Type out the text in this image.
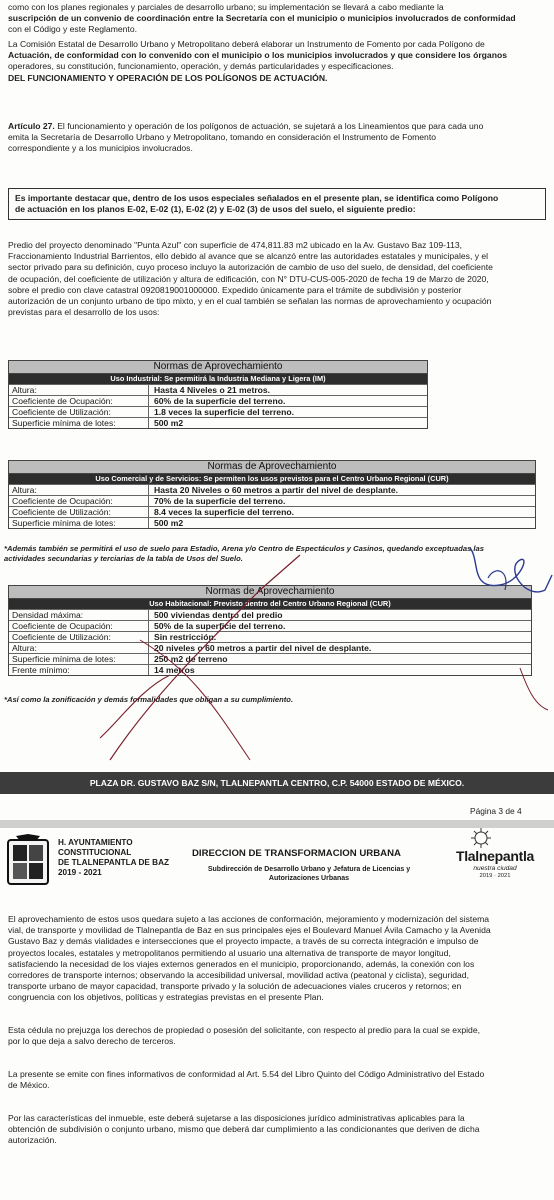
como con los planes regionales y parciales de desarrollo urbano; su implementación se llevará a cabo mediante la
suscripción de un convenio de coordinación entre la Secretaría con el municipio o municipios involucrados de conformidad
con el Código y este Reglamento.
La Comisión Estatal de Desarrollo Urbano y Metropolitano deberá elaborar un Instrumento de Fomento por cada Polígono de
Actuación, de conformidad con lo convenido con el municipio o los municipios involucrados y que considere los órganos
operadores, su constitución, funcionamiento, operación, y demás particularidades y especificaciones.
DEL FUNCIONAMIENTO Y OPERACIÓN DE LOS POLÍGONOS DE ACTUACIÓN.
Artículo 27. El funcionamiento y operación de los polígonos de actuación, se sujetará a los Lineamientos que para cada uno
emita la Secretaría de Desarrollo Urbano y Metropolitano, tomando en consideración el Instrumento de Fomento
correspondiente y a los municipios involucrados.
Es importante destacar que, dentro de los usos especiales señalados en el presente plan, se identifica como Polígono
de actuación en los planos E-02, E-02 (1), E-02 (2) y E-02 (3) de usos del suelo, el siguiente predio:
Predio del proyecto denominado "Punta Azul" con superficie de 474,811.83 m2 ubicado en la Av. Gustavo Baz 109-113,
Fraccionamiento Industrial Barrientos, ello debido al avance que se alcanzó entre las autoridades estatales y municipales, y el
sector privado para su definición, cuyo proceso incluyo la autorización de cambio de uso del suelo, de densidad, del coeficiente
de ocupación, del coeficiente de utilización y altura de edificación, con N° DTU-CUS-005-2020 de fecha 19 de Marzo de 2020,
sobre el predio con clave catastral 0920819001000000. Expedido únicamente para el trámite de subdivisión y posterior
autorización de un conjunto urbano de tipo mixto, y en el cual también se señalan las normas de aprovechamiento y ocupación
previstas para el desarrollo de los usos:
Normas de Aprovechamiento
Uso Industrial: Se permitirá la Industria Mediana y Ligera (IM)
Altura:	Hasta 4 Niveles o 21 metros.
Coeficiente de Ocupación:	60% de la superficie del terreno.
Coeficiente de Utilización:	1.8 veces la superficie del terreno.
Superficie mínima de lotes:	500 m2
Normas de Aprovechamiento
Uso Comercial y de Servicios: Se permiten los usos previstos para el Centro Urbano Regional (CUR)
Altura:	Hasta 20 Niveles o 60 metros a partir del nivel de desplante.
Coeficiente de Ocupación:	70% de la superficie del terreno.
Coeficiente de Utilización:	8.4 veces la superficie del terreno.
Superficie mínima de lotes:	500 m2
*Además también se permitirá el uso de suelo para Estadio, Arena y/o Centro de Espectáculos y Casinos, quedando exceptuadas las
actividades secundarias y terciarias de la tabla de Usos del Suelo.
Normas de Aprovechamiento
Uso Habitacional: Previsto dentro del Centro Urbano Regional (CUR)
Densidad máxima:	500 viviendas dentro del predio
Coeficiente de Ocupación:	50% de la superficie del terreno.
Coeficiente de Utilización:	Sin restricción.
Altura:	20 niveles o 60 metros a partir del nivel de desplante.
Superficie mínima de lotes:	250 m2 de terreno
Frente mínimo:	14 metros
*Así como la zonificación y demás formalidades que obligan a su cumplimiento.
PLAZA DR. GUSTAVO BAZ S/N, TLALNEPANTLA CENTRO, C.P. 54000 ESTADO DE MÉXICO.
Página 3 de 4
H. AYUNTAMIENTO
CONSTITUCIONAL
DE TLALNEPANTLA DE BAZ
2019 - 2021
DIRECCION DE TRANSFORMACION URBANA
Subdirección de Desarrollo Urbano y Jefatura de Licencias y
Autorizaciones Urbanas
Tlalnepantla
nuestra ciudad
2019 · 2021
El aprovechamiento de estos usos quedara sujeto a las acciones de conformación, mejoramiento y modernización del sistema
vial, de transporte y movilidad de Tlalnepantla de Baz en sus principales ejes el Boulevard Manuel Ávila Camacho y la Avenida
Gustavo Baz y demás vialidades e intersecciones que el proyecto impacte, a través de su correcta integración e impulso de
proyectos locales, estatales y metropolitanos permitiendo al usuario una alternativa de transporte de mayor longitud,
satisfaciendo la necesidad de los viajes externos generados en el municipio, proporcionando, además, la conexión con los
corredores de transporte internos; observando la accesibilidad universal, movilidad activa (peatonal y ciclista), seguridad,
transporte urbano de mayor capacidad, transporte privado y la solución de adecuaciones viales cruceros y retornos; en
congruencia con los objetivos, políticas y estrategias previstas en el presente Plan.
Esta cédula no prejuzga los derechos de propiedad o posesión del solicitante, con respecto al predio para la cual se expide,
por lo que deja a salvo derecho de terceros.
La presente se emite con fines informativos de conformidad al Art. 5.54 del Libro Quinto del Código Administrativo del Estado
de México.
Por las características del inmueble, este deberá sujetarse a las disposiciones jurídico administrativas aplicables para la
obtención de subdivisión o conjunto urbano, mismo que deberá dar cumplimiento a las condicionantes que deriven de dicha
autorización.
